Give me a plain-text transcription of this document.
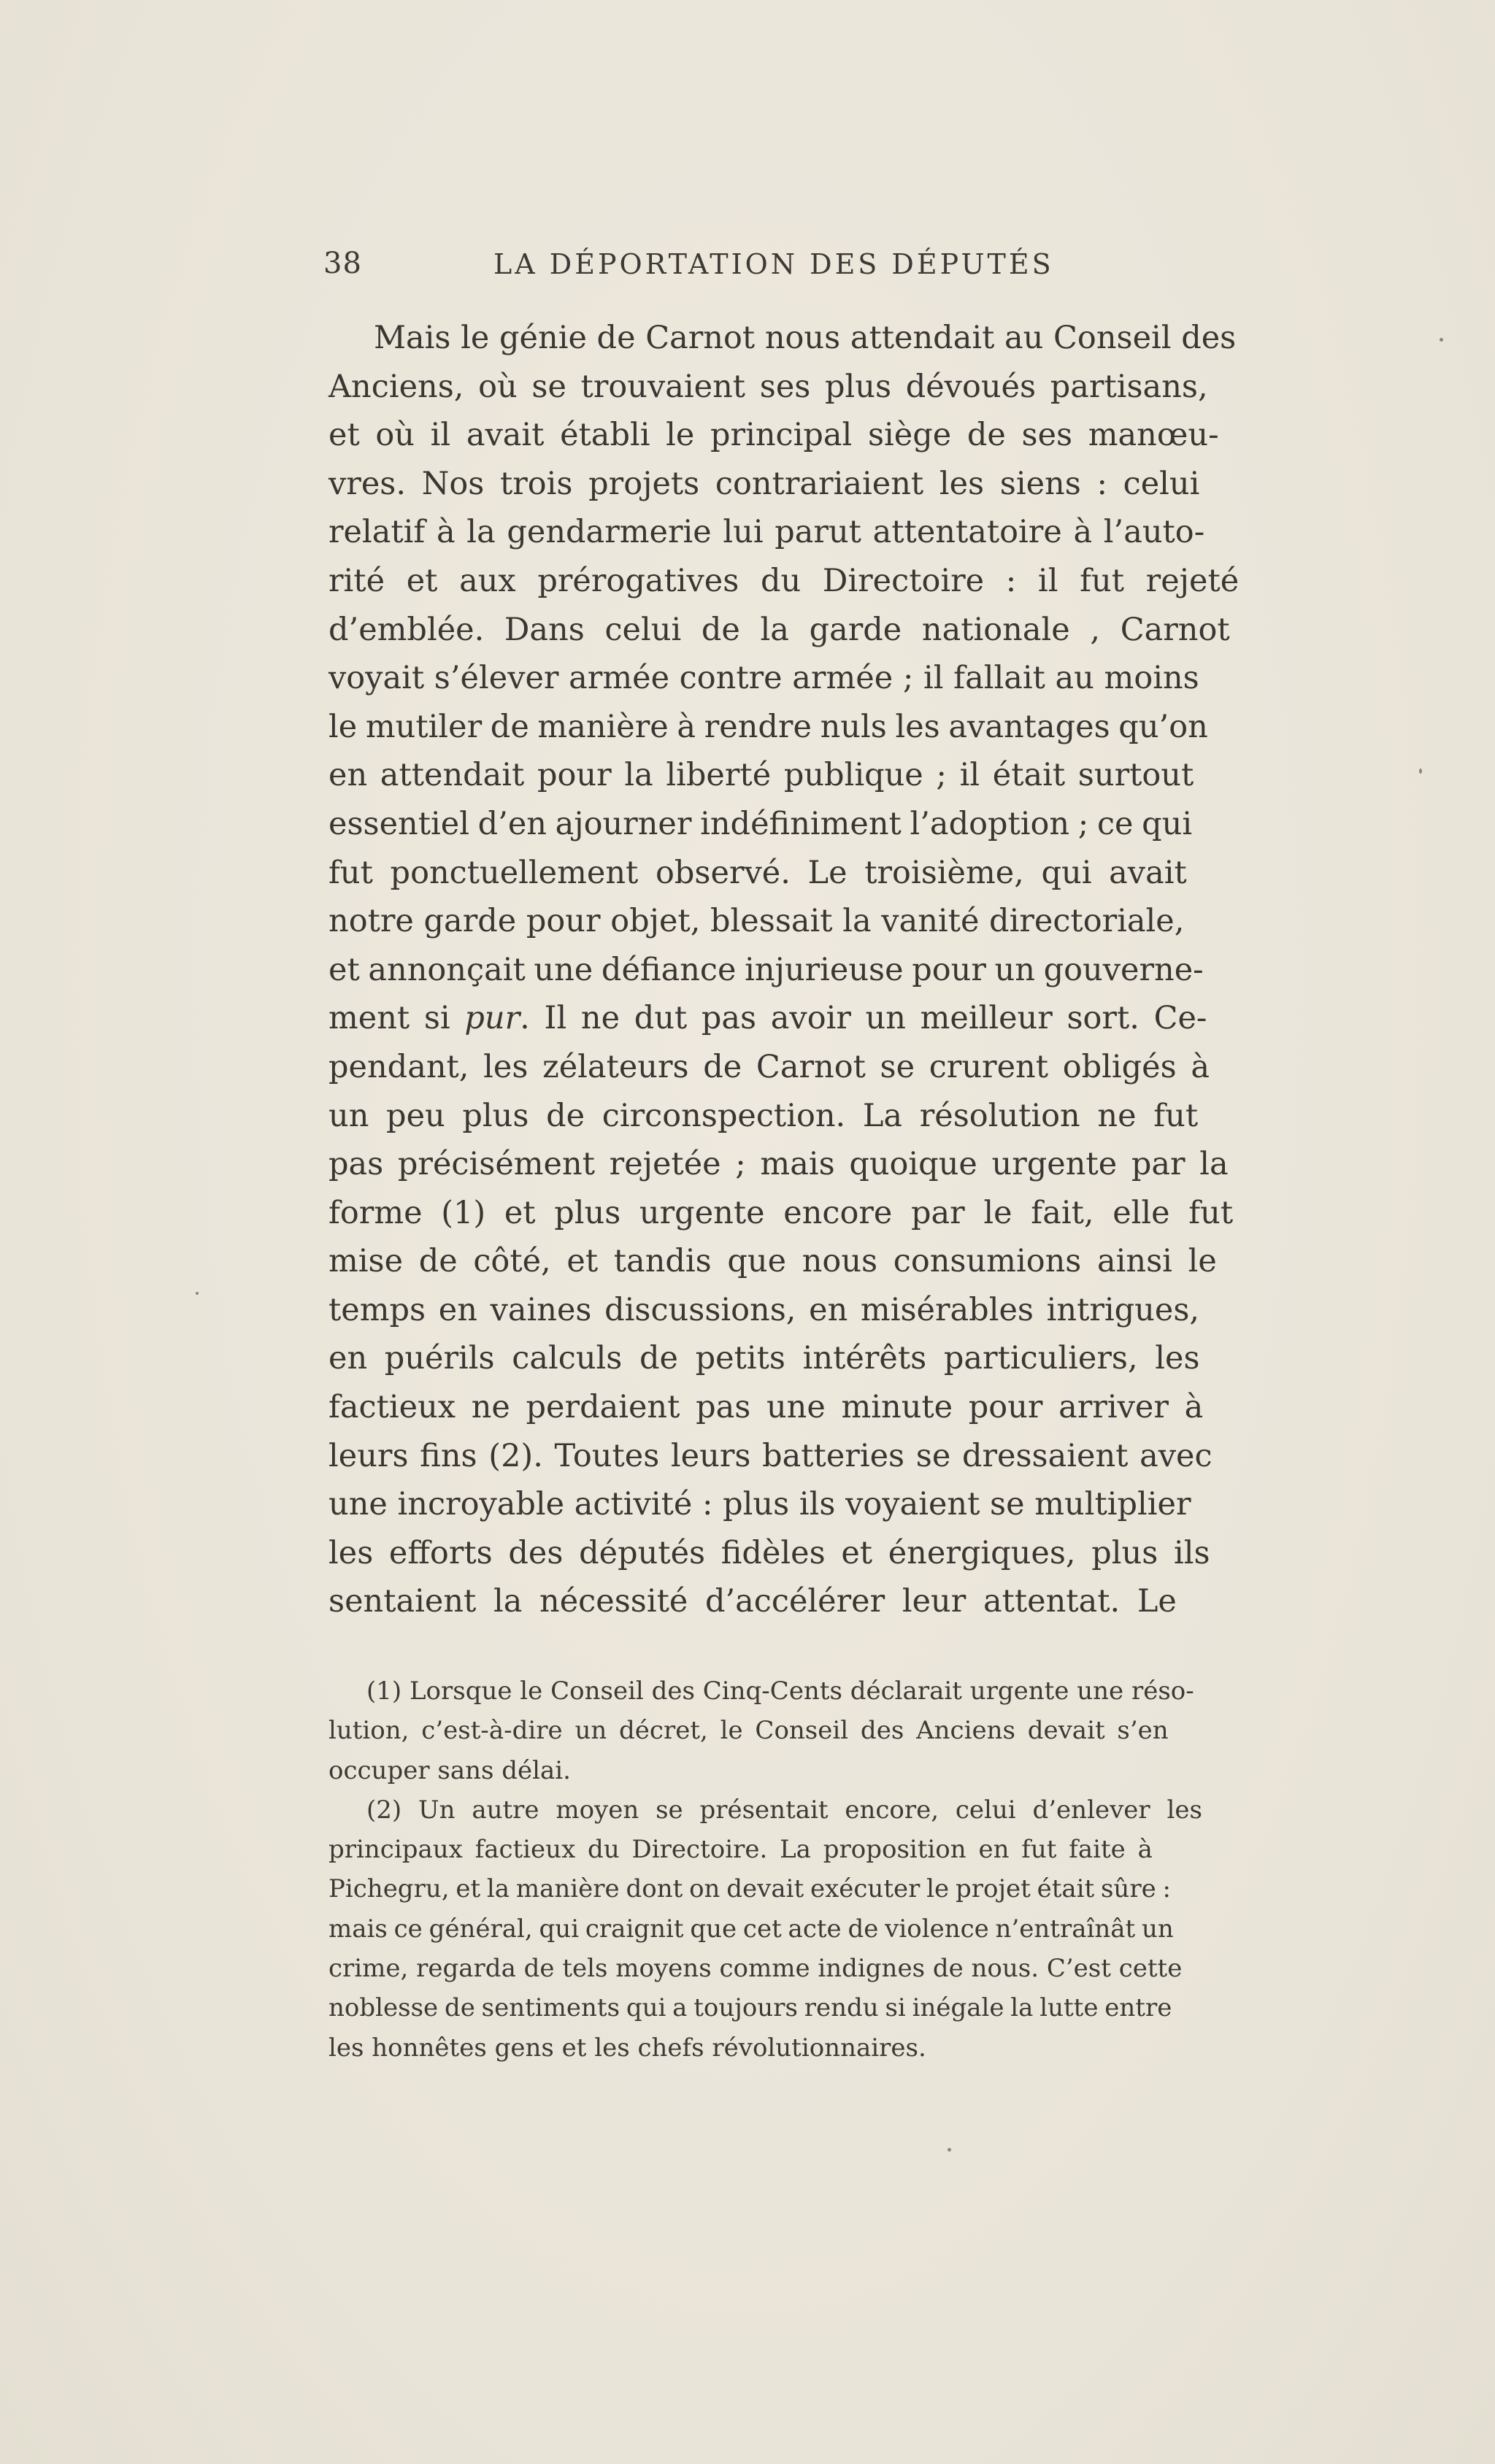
38	LA DÉPORTATION DES DÉPUTÉS
Mais le génie de Carnot nous attendait au Conseil des
Anciens, où se trouvaient ses plus dévoués partisans,
et où il avait établi le principal siège de ses manœu-
vres. Nos trois projets contrariaient les siens : celui
relatif à la gendarmerie lui parut attentatoire à l’auto-
rité et aux prérogatives du Directoire : il fut rejeté
d’emblée. Dans celui de la garde nationale , Carnot
voyait s’élever armée contre armée ; il fallait au moins
le mutiler de manière à rendre nuls les avantages qu’on
en attendait pour la liberté publique ; il était surtout
essentiel d’en ajourner indéfiniment l’adoption ; ce qui
fut ponctuellement observé. Le troisième, qui avait
notre garde pour objet, blessait la vanité directoriale,
et annonçait une défiance injurieuse pour un gouverne-
ment si pur. Il ne dut pas avoir un meilleur sort. Ce-
pendant, les zélateurs de Carnot se crurent obligés à
un peu plus de circonspection. La résolution ne fut
pas précisément rejetée ; mais quoique urgente par la
forme (1) et plus urgente encore par le fait, elle fut
mise de côté, et tandis que nous consumions ainsi le
temps en vaines discussions, en misérables intrigues,
en puérils calculs de petits intérêts particuliers, les
factieux ne perdaient pas une minute pour arriver à
leurs fins (2). Toutes leurs batteries se dressaient avec
une incroyable activité : plus ils voyaient se multiplier
les efforts des députés fidèles et énergiques, plus ils
sentaient la nécessité d’accélérer leur attentat. Le
(1) Lorsque le Conseil des Cinq-Cents déclarait urgente une réso-
lution, c’est-à-dire un décret, le Conseil des Anciens devait s’en
occuper sans délai.
(2) Un autre moyen se présentait encore, celui d’enlever les
principaux factieux du Directoire. La proposition en fut faite à
Pichegru, et la manière dont on devait exécuter le projet était sûre :
mais ce général, qui craignit que cet acte de violence n’entraînât un
crime, regarda de tels moyens comme indignes de nous. C’est cette
noblesse de sentiments qui a toujours rendu si inégale la lutte entre
les honnêtes gens et les chefs révolutionnaires.
